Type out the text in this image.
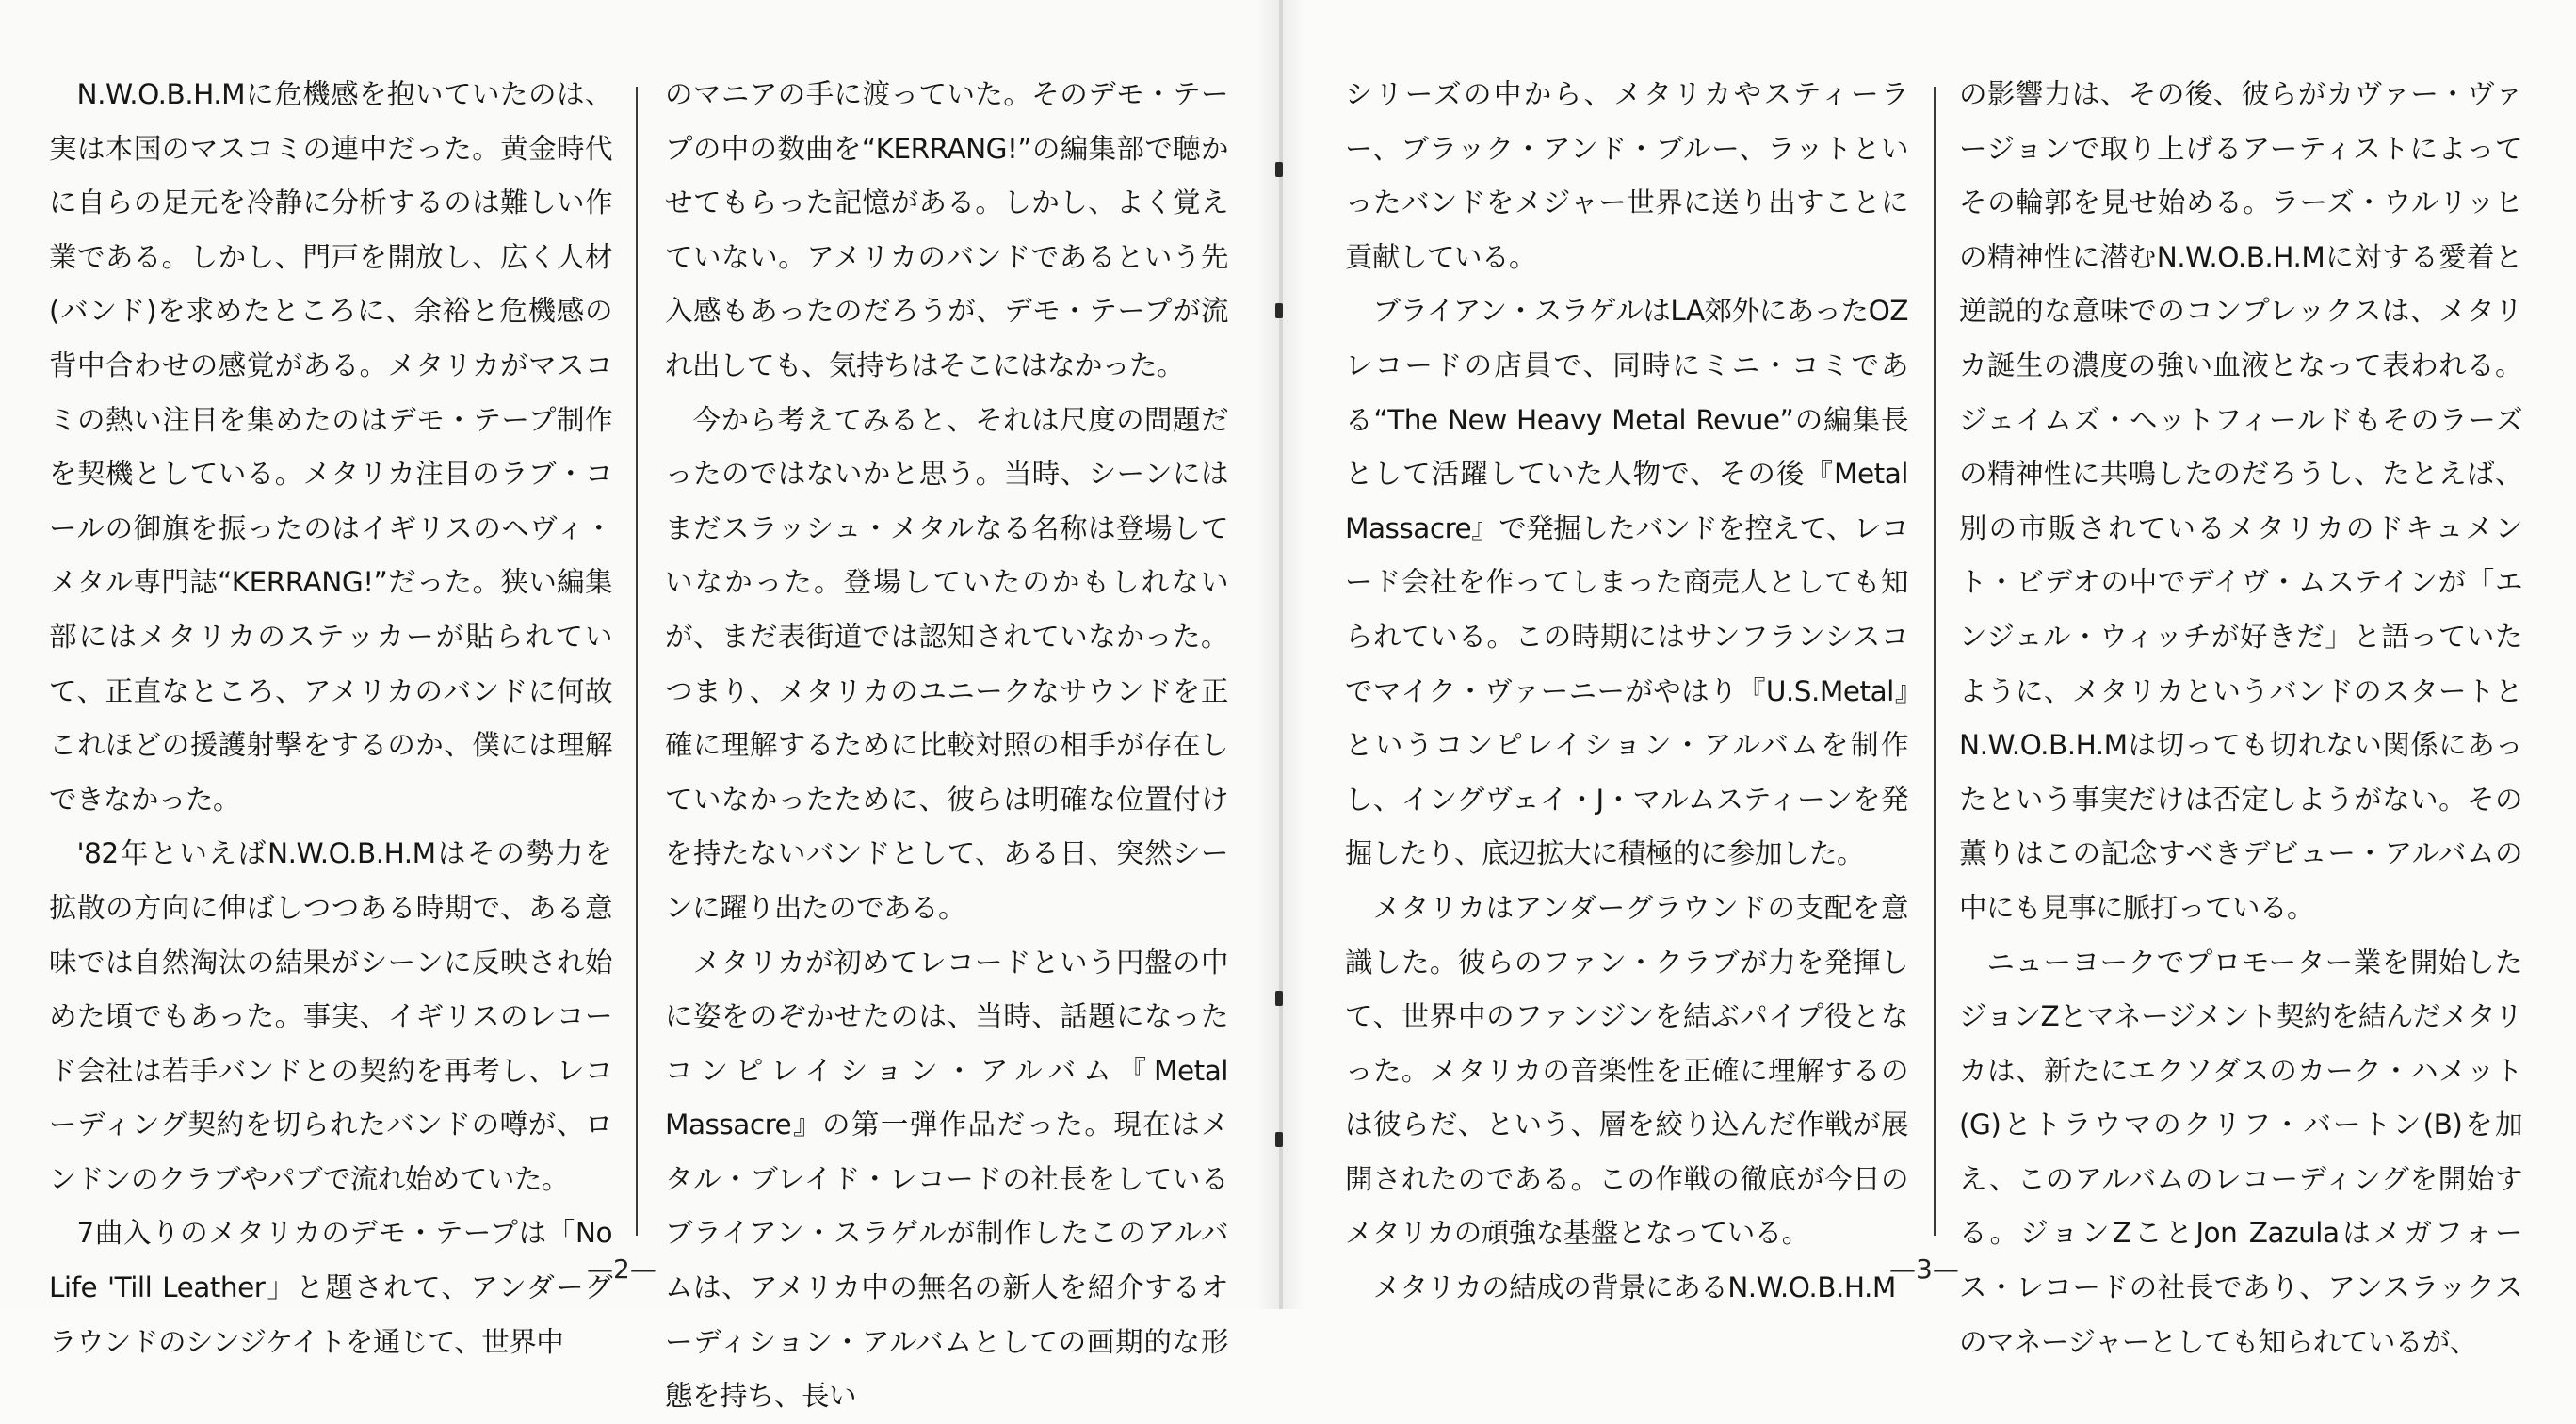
N.W.O.B.H.Mに危機感を抱いていたのは、実は本国のマスコミの連中だった。黄金時代に自らの足元を冷静に分析するのは難しい作業である。しかし、門戸を開放し、広く人材(バンド)を求めたところに、余裕と危機感の背中合わせの感覚がある。メタリカがマスコミの熱い注目を集めたのはデモ・テープ制作を契機としている。メタリカ注目のラブ・コールの御旗を振ったのはイギリスのヘヴィ・メタル専門誌“KERRANG!”だった。狭い編集部にはメタリカのステッカーが貼られていて、正直なところ、アメリカのバンドに何故これほどの援護射撃をするのか、僕には理解できなかった。

'82年といえばN.W.O.B.H.Mはその勢力を拡散の方向に伸ばしつつある時期で、ある意味では自然淘汰の結果がシーンに反映され始めた頃でもあった。事実、イギリスのレコード会社は若手バンドとの契約を再考し、レコーディング契約を切られたバンドの噂が、ロンドンのクラブやパブで流れ始めていた。

7曲入りのメタリカのデモ・テープは「No Life 'Till Leather」と題されて、アンダーグラウンドのシンジケイトを通じて、世界中

のマニアの手に渡っていた。そのデモ・テープの中の数曲を“KERRANG!”の編集部で聴かせてもらった記憶がある。しかし、よく覚えていない。アメリカのバンドであるという先入感もあったのだろうが、デモ・テープが流れ出しても、気持ちはそこにはなかった。

今から考えてみると、それは尺度の問題だったのではないかと思う。当時、シーンにはまだスラッシュ・メタルなる名称は登場していなかった。登場していたのかもしれないが、まだ表街道では認知されていなかった。つまり、メタリカのユニークなサウンドを正確に理解するために比較対照の相手が存在していなかったために、彼らは明確な位置付けを持たないバンドとして、ある日、突然シーンに躍り出たのである。

メタリカが初めてレコードという円盤の中に姿をのぞかせたのは、当時、話題になったコンピレイション・アルバム『Metal Massacre』の第一弾作品だった。現在はメタル・ブレイド・レコードの社長をしているブライアン・スラゲルが制作したこのアルバムは、アメリカ中の無名の新人を紹介するオーディション・アルバムとしての画期的な形態を持ち、長い

—2—

シリーズの中から、メタリカやスティーラー、ブラック・アンド・ブルー、ラットといったバンドをメジャー世界に送り出すことに貢献している。

ブライアン・スラゲルはLA郊外にあったOZレコードの店員で、同時にミニ・コミである“The New Heavy Metal Revue”の編集長として活躍していた人物で、その後『Metal Massacre』で発掘したバンドを控えて、レコード会社を作ってしまった商売人としても知られている。この時期にはサンフランシスコでマイク・ヴァーニーがやはり『U.S.Metal』というコンピレイション・アルバムを制作し、イングヴェイ・J・マルムスティーンを発掘したり、底辺拡大に積極的に参加した。

メタリカはアンダーグラウンドの支配を意識した。彼らのファン・クラブが力を発揮して、世界中のファンジンを結ぶパイプ役となった。メタリカの音楽性を正確に理解するのは彼らだ、という、層を絞り込んだ作戦が展開されたのである。この作戦の徹底が今日のメタリカの頑強な基盤となっている。

メタリカの結成の背景にあるN.W.O.B.H.M

の影響力は、その後、彼らがカヴァー・ヴァージョンで取り上げるアーティストによってその輪郭を見せ始める。ラーズ・ウルリッヒの精神性に潜むN.W.O.B.H.Mに対する愛着と逆説的な意味でのコンプレックスは、メタリカ誕生の濃度の強い血液となって表われる。ジェイムズ・ヘットフィールドもそのラーズの精神性に共鳴したのだろうし、たとえば、別の市販されているメタリカのドキュメント・ビデオの中でデイヴ・ムステインが「エンジェル・ウィッチが好きだ」と語っていたように、メタリカというバンドのスタートとN.W.O.B.H.Mは切っても切れない関係にあったという事実だけは否定しようがない。その薫りはこの記念すべきデビュー・アルバムの中にも見事に脈打っている。

ニューヨークでプロモーター業を開始したジョンZとマネージメント契約を結んだメタリカは、新たにエクソダスのカーク・ハメット(G)とトラウマのクリフ・バートン(B)を加え、このアルバムのレコーディングを開始する。ジョンZことJon Zazulaはメガフォース・レコードの社長であり、アンスラックスのマネージャーとしても知られているが、

—3—
